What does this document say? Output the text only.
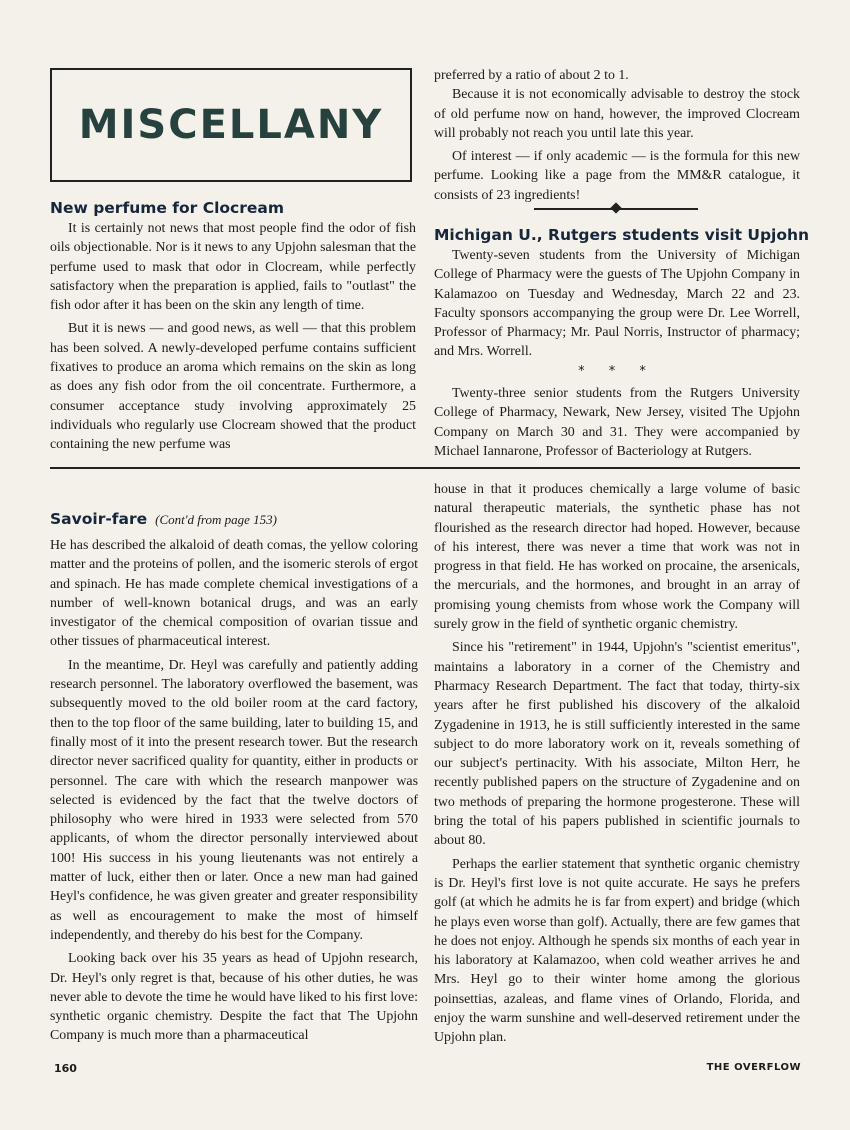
MISCELLANY
New perfume for Clocream

It is certainly not news that most people find the odor of fish oils objectionable. Nor is it news to any Upjohn salesman that the perfume used to mask that odor in Clocream, while perfectly satisfactory when the preparation is applied, fails to "outlast" the fish odor after it has been on the skin any length of time.

But it is news — and good news, as well — that this problem has been solved. A newly-developed perfume contains sufficient fixatives to produce an aroma which remains on the skin as long as does any fish odor from the oil concentrate. Furthermore, a consumer acceptance study involving approximately 25 individuals who regularly use Clocream showed that the product containing the new perfume was

preferred by a ratio of about 2 to 1.

Because it is not economically advisable to destroy the stock of old perfume now on hand, however, the improved Clocream will probably not reach you until late this year.

Of interest — if only academic — is the formula for this new perfume. Looking like a page from the MM&R catalogue, it consists of 23 ingredients!

Michigan U., Rutgers students visit Upjohn

Twenty-seven students from the University of Michigan College of Pharmacy were the guests of The Upjohn Company in Kalamazoo on Tuesday and Wednesday, March 22 and 23. Faculty sponsors accompanying the group were Dr. Lee Worrell, Professor of Pharmacy; Mr. Paul Norris, Instructor of pharmacy; and Mrs. Worrell.

* * *

Twenty-three senior students from the Rutgers University College of Pharmacy, Newark, New Jersey, visited The Upjohn Company on March 30 and 31. They were accompanied by Michael Iannarone, Professor of Bacteriology at Rutgers.

Savoir-fare (Cont'd from page 153)

He has described the alkaloid of death comas, the yellow coloring matter and the proteins of pollen, and the isomeric sterols of ergot and spinach. He has made complete chemical investigations of a number of well-known botanical drugs, and was an early investigator of the chemical composition of ovarian tissue and other tissues of pharmaceutical interest.

In the meantime, Dr. Heyl was carefully and patiently adding research personnel. The laboratory overflowed the basement, was subsequently moved to the old boiler room at the card factory, then to the top floor of the same building, later to building 15, and finally most of it into the present research tower. But the research director never sacrificed quality for quantity, either in products or personnel. The care with which the research manpower was selected is evidenced by the fact that the twelve doctors of philosophy who were hired in 1933 were selected from 570 applicants, of whom the director personally interviewed about 100! His success in his young lieutenants was not entirely a matter of luck, either then or later. Once a new man had gained Heyl's confidence, he was given greater and greater responsibility as well as encouragement to make the most of himself independently, and thereby do his best for the Company.

Looking back over his 35 years as head of Upjohn research, Dr. Heyl's only regret is that, because of his other duties, he was never able to devote the time he would have liked to his first love: synthetic organic chemistry. Despite the fact that The Upjohn Company is much more than a pharmaceutical

house in that it produces chemically a large volume of basic natural therapeutic materials, the synthetic phase has not flourished as the research director had hoped. However, because of his interest, there was never a time that work was not in progress in that field. He has worked on procaine, the arsenicals, the mercurials, and the hormones, and brought in an array of promising young chemists from whose work the Company will surely grow in the field of synthetic organic chemistry.

Since his "retirement" in 1944, Upjohn's "scientist emeritus", maintains a laboratory in a corner of the Chemistry and Pharmacy Research Department. The fact that today, thirty-six years after he first published his discovery of the alkaloid Zygadenine in 1913, he is still sufficiently interested in the same subject to do more laboratory work on it, reveals something of our subject's pertinacity. With his associate, Milton Herr, he recently published papers on the structure of Zygadenine and on two methods of preparing the hormone progesterone. These will bring the total of his papers published in scientific journals to about 80.

Perhaps the earlier statement that synthetic organic chemistry is Dr. Heyl's first love is not quite accurate. He says he prefers golf (at which he admits he is far from expert) and bridge (which he plays even worse than golf). Actually, there are few games that he does not enjoy. Although he spends six months of each year in his laboratory at Kalamazoo, when cold weather arrives he and Mrs. Heyl go to their winter home among the glorious poinsettias, azaleas, and flame vines of Orlando, Florida, and enjoy the warm sunshine and well-deserved retirement under the Upjohn plan.

160	THE OVERFLOW
